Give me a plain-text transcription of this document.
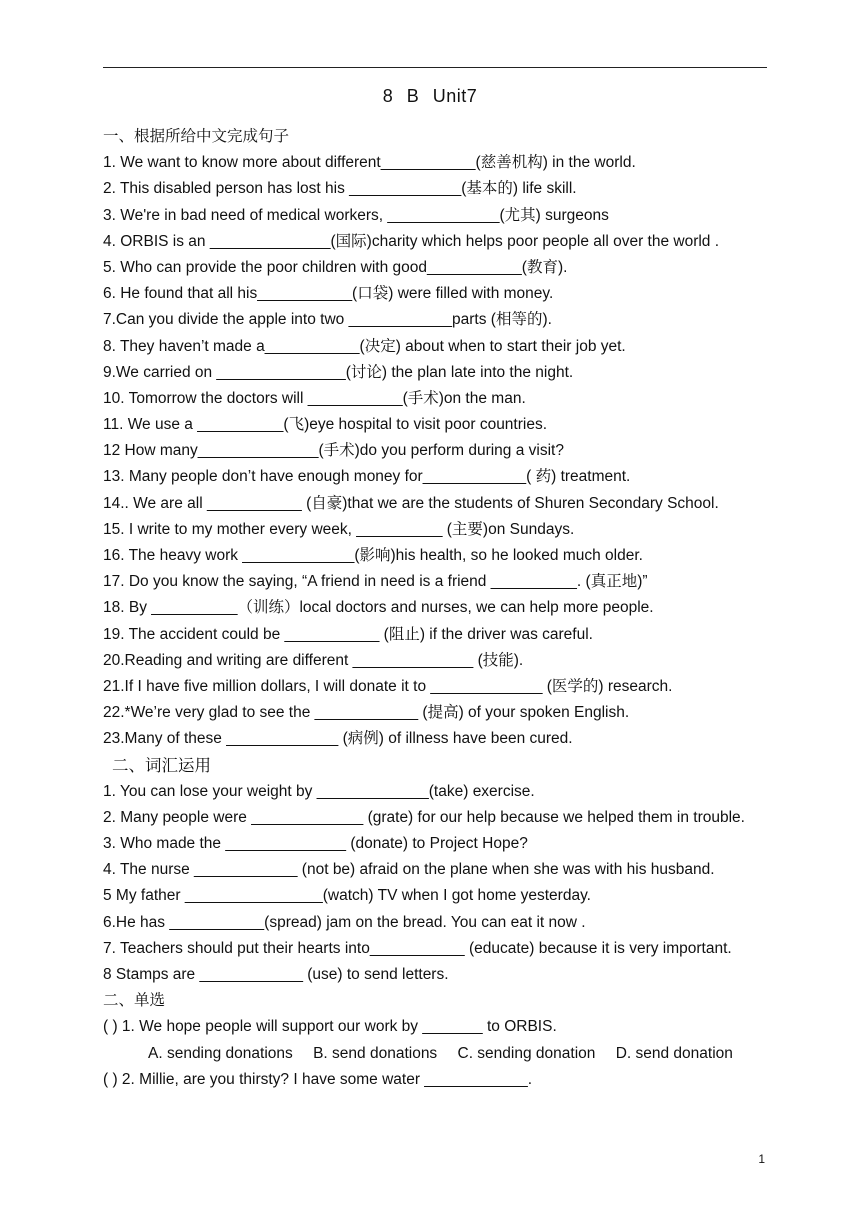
8 B Unit7
一、根据所给中文完成句子
1. We want to know more about different___________(慈善机构) in the world.
2. This disabled person has lost his _____________(基本的) life skill.
3. We're in bad need of medical workers, _____________(尤其) surgeons
4. ORBIS is an ______________(国际)charity which helps poor people all over the world .
5. Who can provide the poor children with good___________(教育).
6. He found that all his___________(口袋) were filled with money.
7.Can you divide the apple into two ____________parts (相等的).
8. They haven’t made a___________(决定) about when to start their job yet.
9.We carried on _______________(讨论) the plan late into the night.
10. Tomorrow the doctors will ___________(手术)on the man.
11. We use a __________(飞)eye hospital to visit poor countries.
12 How many______________(手术)do you perform during a visit?
13. Many people don’t have enough money for____________( 药) treatment.
14.. We are all ___________ (自豪)that we are the students of Shuren Secondary School.
15. I write to my mother every week, __________ (主要)on Sundays.
16. The heavy work _____________(影响)his health, so he looked much older.
17. Do you know the saying, “A friend in need is a friend __________. (真正地)”
18. By __________（训练）local doctors and nurses, we can help more people.
19. The accident could be ___________ (阻止) if the driver was careful.
20.Reading and writing are different ______________ (技能).
21.If I have five million dollars, I will donate it to _____________ (医学的) research.
22.*We’re very glad to see the ____________ (提高) of your spoken English.
23.Many of these _____________ (病例) of illness have been cured.
二、词汇运用
1. You can lose your weight by _____________(take) exercise.
2. Many people were _____________ (grate) for our help because we helped them in trouble.
3. Who made the ______________ (donate) to Project Hope?
4. The nurse ____________ (not be) afraid on the plane when she was with his husband.
5 My father ________________(watch) TV when I got home yesterday.
6.He has ___________(spread) jam on the bread. You can eat it now .
7. Teachers should put their hearts into___________ (educate) because it is very important.
8 Stamps are ____________ (use) to send letters.
二、单选
( ) 1. We hope people will support our work by _______ to ORBIS.
A. sending donations B. send donations C. sending donation D. send donation
( ) 2. Millie, are you thirsty? I have some water ____________.
1
